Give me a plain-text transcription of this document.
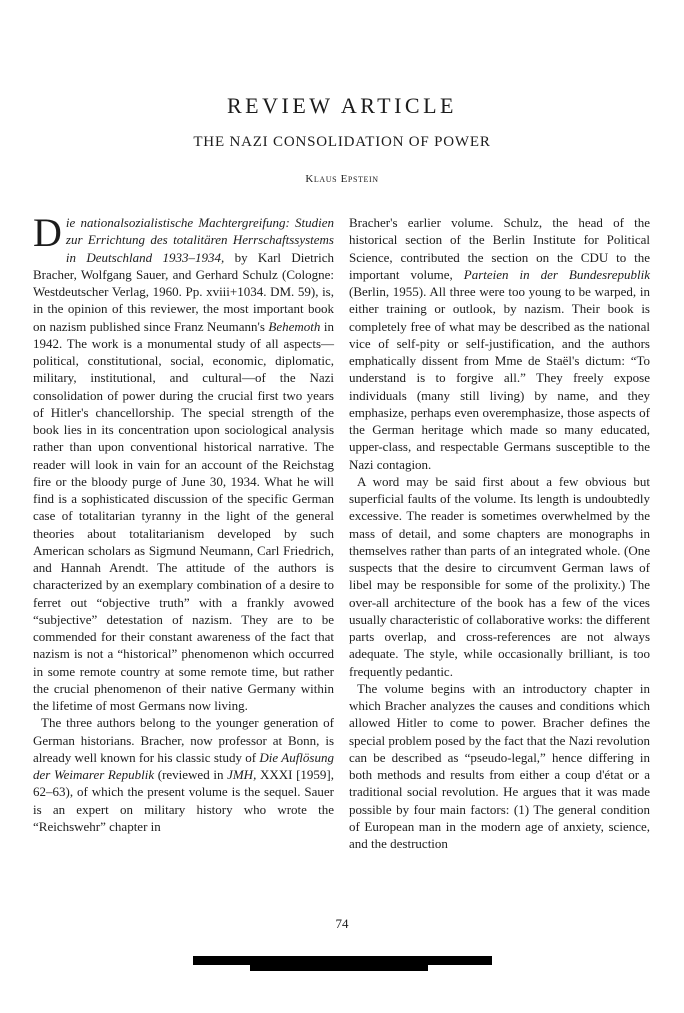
REVIEW ARTICLE
THE NAZI CONSOLIDATION OF POWER
Klaus Epstein

Die nationalsozialistische Machtergreifung: Studien zur Errichtung des totalitären Herrschaftssystems in Deutschland 1933–1934, by Karl Dietrich Bracher, Wolfgang Sauer, and Gerhard Schulz (Cologne: Westdeutscher Verlag, 1960. Pp. xviii+1034. DM. 59), is, in the opinion of this reviewer, the most important book on nazism published since Franz Neumann's Behemoth in 1942. The work is a monumental study of all aspects—political, constitutional, social, economic, diplomatic, military, institutional, and cultural—of the Nazi consolidation of power during the crucial first two years of Hitler's chancellorship. The special strength of the book lies in its concentration upon sociological analysis rather than upon conventional historical narrative. The reader will look in vain for an account of the Reichstag fire or the bloody purge of June 30, 1934. What he will find is a sophisticated discussion of the specific German case of totalitarian tyranny in the light of the general theories about totalitarianism developed by such American scholars as Sigmund Neumann, Carl Friedrich, and Hannah Arendt. The attitude of the authors is characterized by an exemplary combination of a desire to ferret out “objective truth” with a frankly avowed “subjective” detestation of nazism. They are to be commended for their constant awareness of the fact that nazism is not a “historical” phenomenon which occurred in some remote country at some remote time, but rather the crucial phenomenon of their native Germany within the lifetime of most Germans now living.

The three authors belong to the younger generation of German historians. Bracher, now professor at Bonn, is already well known for his classic study of Die Auflösung der Weimarer Republik (reviewed in JMH, XXXI [1959], 62–63), of which the present volume is the sequel. Sauer is an expert on military history who wrote the “Reichswehr” chapter in

Bracher's earlier volume. Schulz, the head of the historical section of the Berlin Institute for Political Science, contributed the section on the CDU to the important volume, Parteien in der Bundesrepublik (Berlin, 1955). All three were too young to be warped, in either training or outlook, by nazism. Their book is completely free of what may be described as the national vice of self-pity or self-justification, and the authors emphatically dissent from Mme de Staël's dictum: “To understand is to forgive all.” They freely expose individuals (many still living) by name, and they emphasize, perhaps even overemphasize, those aspects of the German heritage which made so many educated, upper-class, and respectable Germans susceptible to the Nazi contagion.

A word may be said first about a few obvious but superficial faults of the volume. Its length is undoubtedly excessive. The reader is sometimes overwhelmed by the mass of detail, and some chapters are monographs in themselves rather than parts of an integrated whole. (One suspects that the desire to circumvent German laws of libel may be responsible for some of the prolixity.) The over-all architecture of the book has a few of the vices usually characteristic of collaborative works: the different parts overlap, and cross-references are not always adequate. The style, while occasionally brilliant, is too frequently pedantic.

The volume begins with an introductory chapter in which Bracher analyzes the causes and conditions which allowed Hitler to come to power. Bracher defines the special problem posed by the fact that the Nazi revolution can be described as “pseudo-legal,” hence differing in both methods and results from either a coup d'état or a traditional social revolution. He argues that it was made possible by four main factors: (1) The general condition of European man in the modern age of anxiety, science, and the destruction

74
